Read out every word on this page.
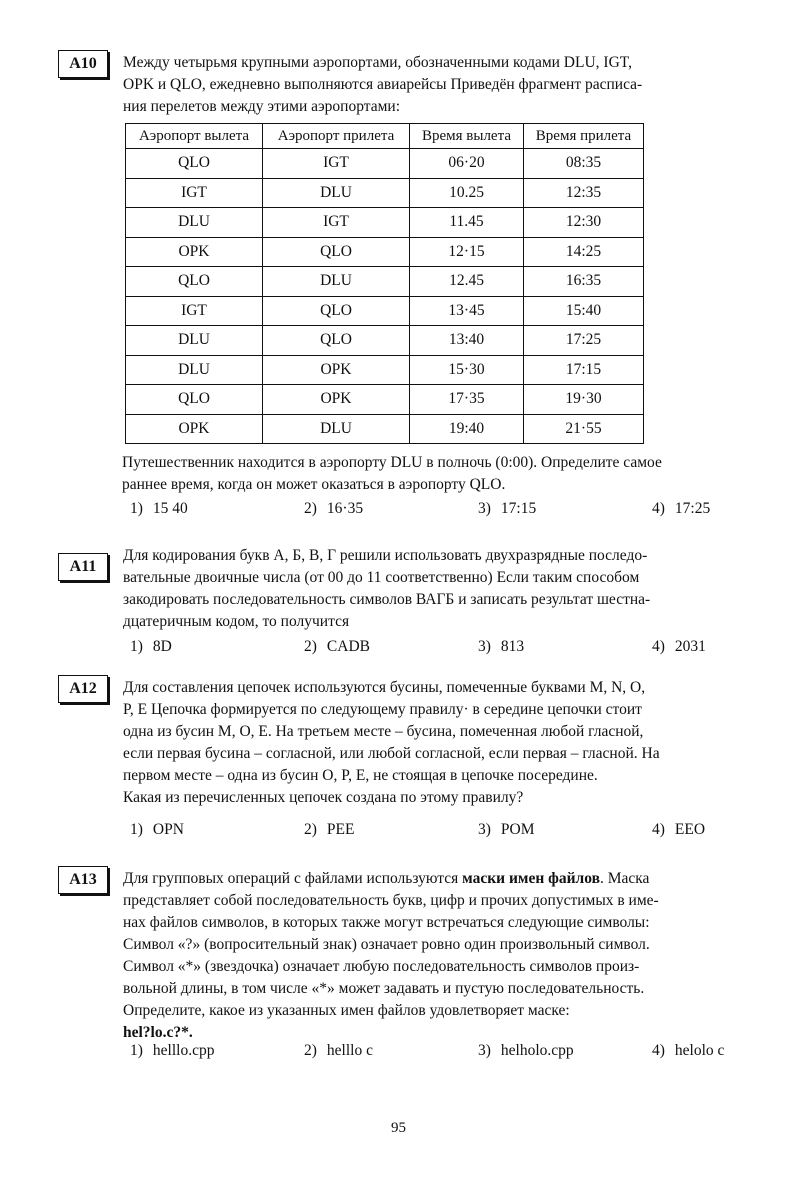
A10	Между четырьмя крупными аэропортами, обозначенными кодами DLU, IGT,
OPK и QLO, ежедневно выполняются авиарейсы Приведён фрагмент расписа-
ния перелетов между этими аэропортами:

Аэропорт вылета	Аэропорт прилета	Время вылета	Время прилета
QLO	IGT	06·20	08:35
IGT	DLU	10.25	12:35
DLU	IGT	11.45	12:30
OPK	QLO	12·15	14:25
QLO	DLU	12.45	16:35
IGT	QLO	13·45	15:40
DLU	QLO	13:40	17:25
DLU	OPK	15·30	17:15
QLO	OPK	17·35	19·30
OPK	DLU	19:40	21·55

Путешественник находится в аэропорту DLU в полночь (0:00). Определите самое
раннее время, когда он может оказаться в аэропорту QLO.

1) 15 40	2) 16·35	3) 17:15	4) 17:25
A11

Для кодирования букв А, Б, В, Г решили использовать двухразрядные последо-
вательные двоичные числа (от 00 до 11 соответственно) Если таким способом
закодировать последовательность символов ВАГБ и записать результат шестна-
дцатеричным кодом, то получится

1) 8D	2) CADB	3) 813	4) 2031
A12	Для составления цепочек используются бусины, помеченные буквами M, N, O,
P, E Цепочка формируется по следующему правилу· в середине цепочки стоит
одна из бусин M, O, E. На третьем месте – бусина, помеченная любой гласной,
если первая бусина – согласной, или любой согласной, если первая – гласной. На
первом месте – одна из бусин O, P, E, не стоящая в цепочке посередине.
Какая из перечисленных цепочек создана по этому правилу?

1) OPN	2) PEE	3) POM	4) EEO
A13	Для групповых операций с файлами используются маски имен файлов. Маска
представляет собой последовательность букв, цифр и прочих допустимых в име-
нах файлов символов, в которых также могут встречаться следующие символы:
Символ «?» (вопросительный знак) означает ровно один произвольный символ.
Символ «*» (звездочка) означает любую последовательность символов произ-
вольной длины, в том числе «*» может задавать и пустую последовательность.
Определите, какое из указанных имен файлов удовлетворяет маске:
hel?lo.c?*.

1) helllo.cpp	2) helllo c	3) helholo.cpp	4) helolo c
95
